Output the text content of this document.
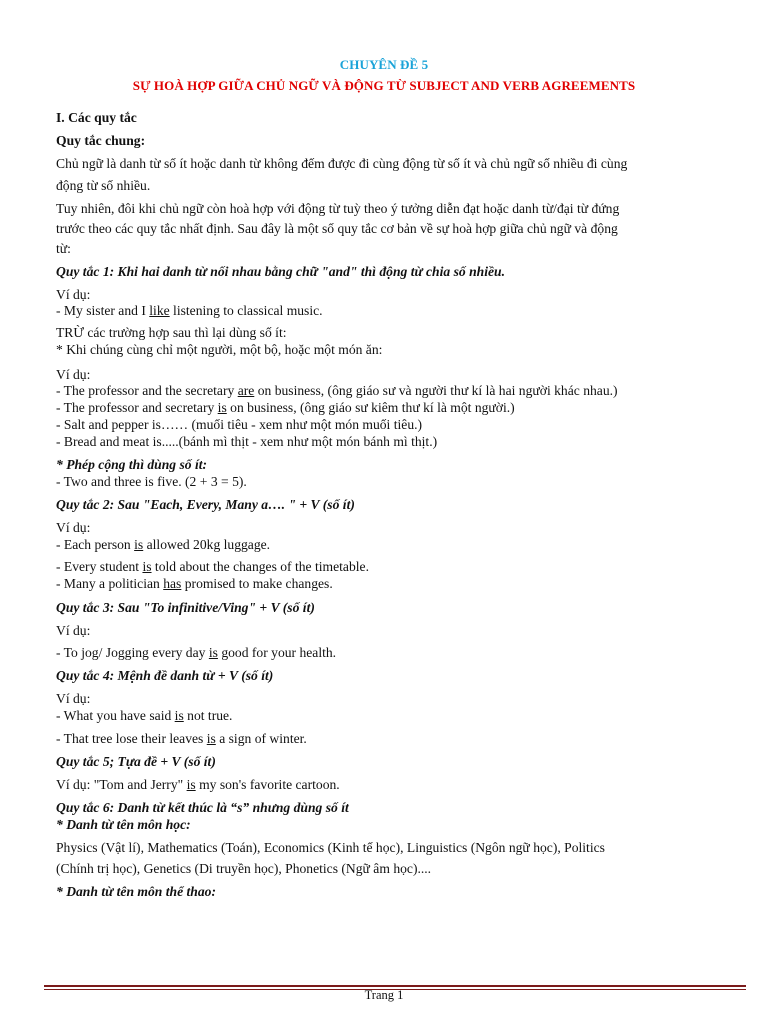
CHUYÊN ĐỀ 5

SỰ HOÀ HỢP GIỮA CHỦ NGỮ VÀ ĐỘNG TỪ SUBJECT AND VERB AGREEMENTS

I. Các quy tắc

Quy tắc chung:

Chủ ngữ là danh từ số ít hoặc danh từ không đếm được đi cùng động từ số ít và chủ ngữ số nhiều đi cùng

động từ số nhiều.

Tuy nhiên, đôi khi chủ ngữ còn hoà hợp với động từ tuỳ theo ý tưởng diễn đạt hoặc danh từ/đại từ đứng

trước theo các quy tắc nhất định. Sau đây là một số quy tắc cơ bản về sự hoà hợp giữa chủ ngữ và động

từ:

Quy tắc 1: Khi hai danh từ nối nhau bằng chữ "and" thì động từ chia số nhiều.

Ví dụ:

- My sister and I like listening to classical music.

TRỪ các trường hợp sau thì lại dùng số ít:

* Khi chúng cùng chỉ một người, một bộ, hoặc một món ăn:

Ví dụ:

- The professor and the secretary are on business, (ông giáo sư và người thư kí là hai người khác nhau.)

- The professor and secretary is on business, (ông giáo sư kiêm thư kí là một người.)

- Salt and pepper is…… (muối tiêu - xem như một món muối tiêu.)

- Bread and meat is.....(bánh mì thịt - xem như một món bánh mì thịt.)

* Phép cộng thì dùng số ít:

- Two and three is five. (2 + 3 = 5).

Quy tắc 2: Sau "Each, Every, Many a…. " + V (số ít)

Ví dụ:

- Each person is allowed 20kg luggage.

- Every student is told about the changes of the timetable.

- Many a politician has promised to make changes.

Quy tắc 3: Sau "To infinitive/Ving" + V (số ít)

Ví dụ:

- To jog/ Jogging every day is good for your health.

Quy tắc 4: Mệnh đề danh từ + V (số ít)

Ví dụ:

- What you have said is not true.

- That tree lose their leaves is a sign of winter.

Quy tắc 5; Tựa đề + V (số ít)

Ví dụ: "Tom and Jerry" is my son's favorite cartoon.

Quy tắc 6: Danh từ kết thúc là “s” nhưng dùng số ít

* Danh từ tên môn học:

Physics (Vật lí), Mathematics (Toán), Economics (Kinh tế học), Linguistics (Ngôn ngữ học), Politics

(Chính trị học), Genetics (Di truyền học), Phonetics (Ngữ âm học)....

* Danh từ tên môn thể thao:

Trang 1
